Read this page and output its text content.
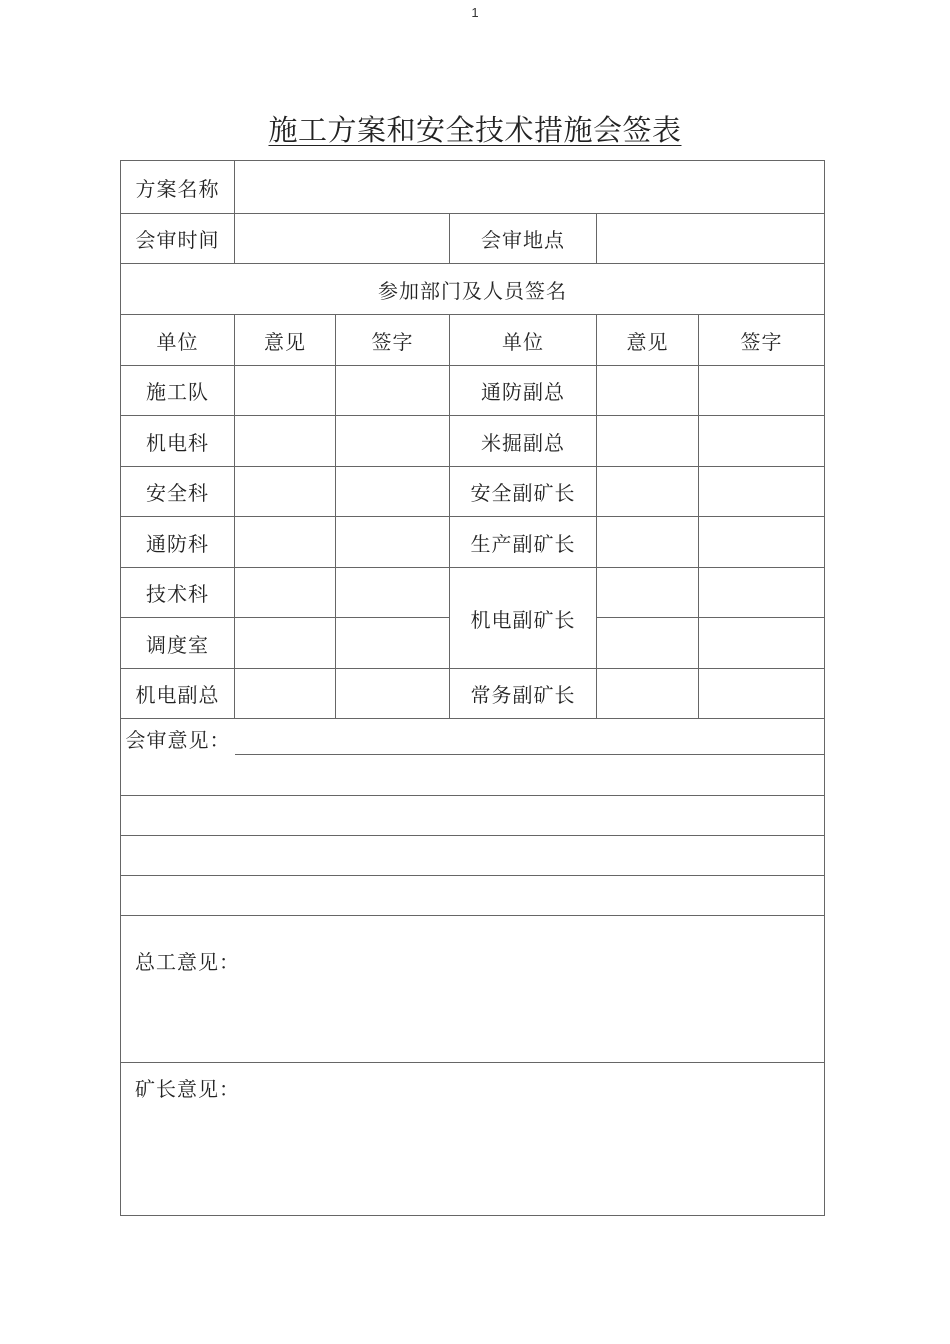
1
施工方案和安全技术措施会签表
方案名称					
会审时间			会审地点		
参加部门及人员签名					
单位	意见	签字	单位	意见	签字
施工队			通防副总		
机电科			米掘副总		
安全科			安全副矿长		
通防科			生产副矿长		
技术科			机电副矿长		
调度室					
机电副总			常务副矿长		

会审意见：					

总工意见：					
矿长意见：					
